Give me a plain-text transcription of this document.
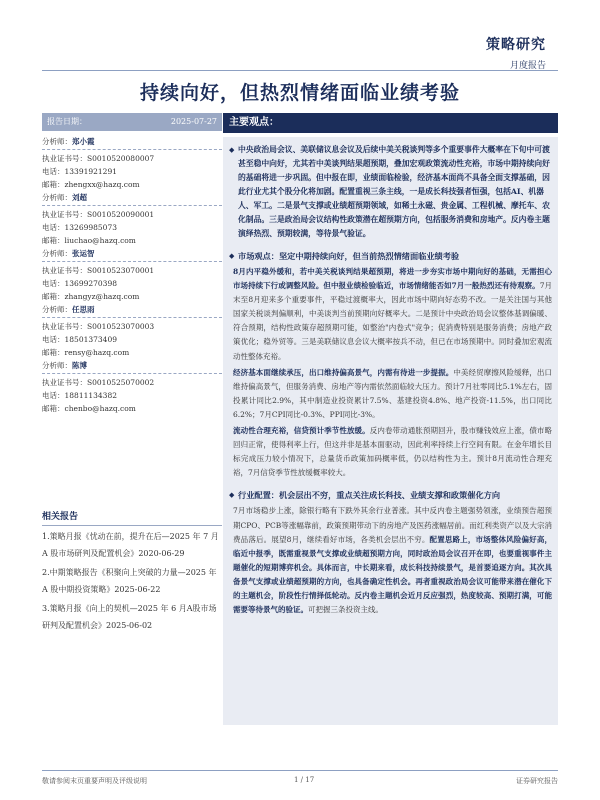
策略研究
月度报告
持续向好，但热烈情绪面临业绩考验
报告日期：	2025-07-27
分析师：郑小霞
执业证书号：S0010520080007
电话：13391921291
邮箱：zhengxx@hazq.com
分析师：刘超
执业证书号：S0010520090001
电话：13269985073
邮箱：liuchao@hazq.com
分析师：张运智
执业证书号：S0010523070001
电话：13699270398
邮箱：zhangyz@hazq.com
分析师：任思雨
执业证书号：S0010523070003
电话：18501373409
邮箱：rensy@hazq.com
分析师：陈博
执业证书号：S0010525070002
电话：18811134382
邮箱：chenbo@hazq.com
相关报告
1.策略月报《忧动在前，提升在后—2025 年 7 月 A 股市场研判及配置机会》2020-06-29
2.中期策略报告《积聚向上突破的力量—2025 年 A 股中期投资策略》2025-06-22
3.策略月报《向上的契机—2025 年 6 月A股市场研判及配置机会》2025-06-02
主要观点：
◆ 中央政治局会议、美联储议息会议及后续中美关税谈判等多个重要事件大概率在下旬中可渡甚至稳中向好，尤其若中美谈判结果超预期，叠加宏观政策流动性充裕，市场中期持续向好的基础将进一步巩固。但中报在即，业绩面临检验，经济基本面尚不具备全面支撑基础，因此行业尤其个股分化将加剧。配置重视三条主线，一是成长科技强者恒强，包括AI、机器人、军工。二是景气支撑或业绩超预期领域，如稀土永磁、贵金属、工程机械、摩托车、农化制品。三是政治局会议结构性政策潜在超预期方向，包括服务消费和房地产。反内卷主题演绎热烈、预期较满，等待景气验证。
◆ 市场观点：坚定中期持续向好，但当前热烈情绪面临业绩考验
8月内平稳外缓和，若中美关税谈判结果超预期，将进一步夯实市场中期向好的基础，无需担心市场持续下行或调整风险。但中报业绩检验临近，市场情绪能否如7月一般热烈还有待观察。7月末至8月迎来多个重要事件，平稳过渡概率大，因此市场中期向好态势不改。一是关注国与其他国家关税谈判偏顺利，中美谈判当前预期向好概率大。二是预计中央政治局会议整体基调偏暖、符合预期，结构性政策存超预期可能，如整治"内卷式"竞争；促消费特别是服务消费；房地产政策优化；稳外贸等。三是美联储议息会议大概率按兵不动，但已在市场预期中。同时叠加宏观流动性整体充裕。
经济基本面继续承压，出口维持偏高景气，内需有待进一步提振。中美经贸摩擦风险缓释，出口维持偏高景气，但服务消费、房地产等内需依然面临较大压力。预计7月社零同比5.1%左右，固投累计同比2.9%，其中制造业投资累计7.5%、基建投资4.8%、地产投资-11.5%，出口同比6.2%；7月CPI同比-0.3%、PPI同比-3%。
流动性合理充裕，信贷预计季节性放缓。反内卷带动通胀预期回升，股市赚钱效应上涨，债市略回归正常，使得利率上行，但这并非是基本面驱动，因此利率持续上行空间有限。在金年增长目标完成压力较小情况下，总量货币政策加码概率低，仍以结构性为主。预计8月流动性合理充裕，7月信贷季节性放缓概率较大。
◆ 行业配置：机会层出不穷，重点关注成长科技、业绩支撑和政策催化方向
7月市场稳步上涨，除银行略有下跌外其余行业普涨。其中反内卷主题强势领涨，业绩预告超预期CPO、PCB等涨幅靠前，政策预期带动下的房地产及医药涨幅居前。而红利类资产以及大宗消费品落后。展望8月，继续看好市场，各类机会层出不穷。配置思路上，市场整体风险偏好高，临近中报季，既需重视景气支撑或业绩超预期方向，同时政治局会议召开在即，也要重视事件主题催化的短期博弈机会。具体而言，中长期来看，成长科技持续景气，是首要追逐方向。其次具备景气支撑或业绩超预期的方向，也具备确定性机会。再者重视政治局会议可能带来潜在催化下的主题机会，阶段性行情择低轮动。反内卷主题机会近月反应强烈，热度较高、预期打满，可能需要等待景气的验证。可把握三条投资主线。
敬请参阅末页重要声明及评级说明	证券研究报告
1 / 17
